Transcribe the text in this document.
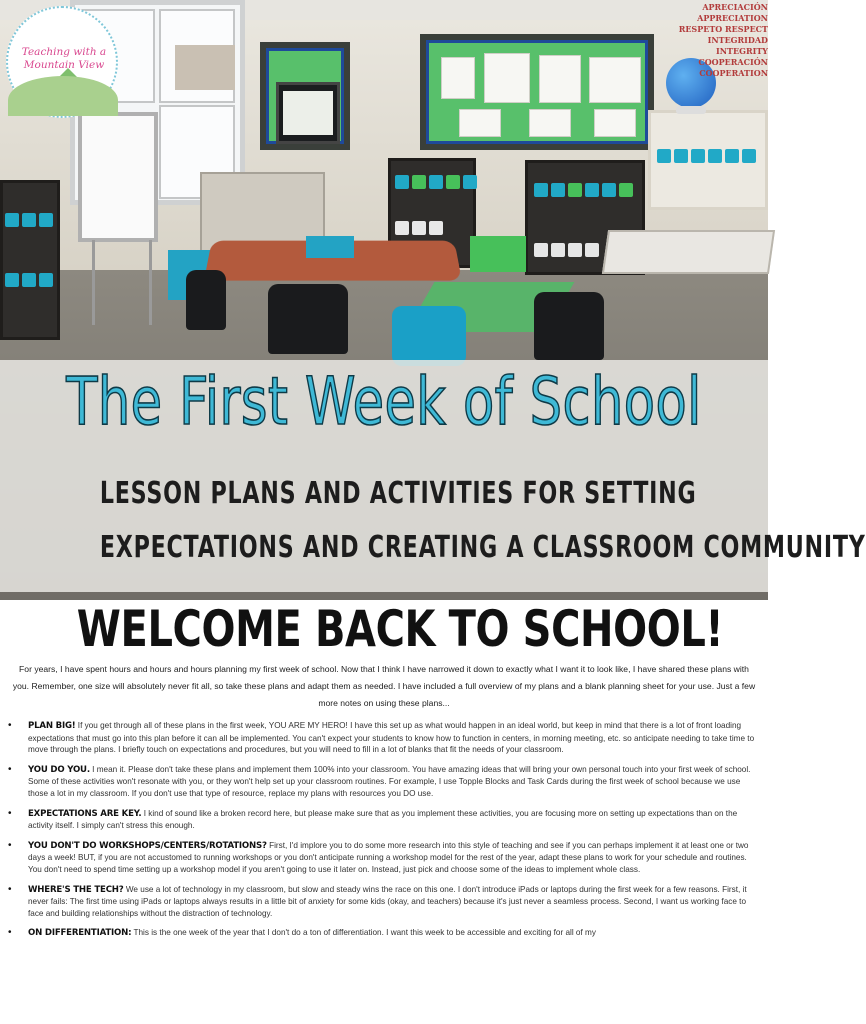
APRECIACIÓN
APPRECIATION
RESPETO RESPECT
INTEGRIDAD INTEGRITY
COOPERACIÓN
COOPERATION
Teaching with a
Mountain View
The First Week of School
LESSON PLANS AND ACTIVITIES FOR SETTING
EXPECTATIONS AND CREATING A CLASSROOM COMMUNITY
WELCOME BACK TO SCHOOL!
For years, I have spent hours and hours and hours planning my first week of school. Now that I think I have narrowed it down to exactly what I want it to look like, I have shared these plans with you. Remember, one size will absolutely never fit all, so take these plans and adapt them as needed. I have included a full overview of my plans and a blank planning sheet for your use. Just a few more notes on using these plans...
• PLAN BIG! If you get through all of these plans in the first week, YOU ARE MY HERO! I have this set up as what would happen in an ideal world, but keep in mind that there is a lot of front loading expectations that must go into this plan before it can all be implemented. You can't expect your students to know how to function in centers, in morning meeting, etc. so anticipate needing to take time to move through the plans. I briefly touch on expectations and procedures, but you will need to fill in a lot of blanks that fit the needs of your classroom.
• YOU DO YOU. I mean it. Please don't take these plans and implement them 100% into your classroom. You have amazing ideas that will bring your own personal touch into your first week of school. Some of these activities won't resonate with you, or they won't help set up your classroom routines. For example, I use Topple Blocks and Task Cards during the first week of school because we use those a lot in my classroom. If you don't use that type of resource, replace my plans with resources you DO use.
• EXPECTATIONS ARE KEY. I kind of sound like a broken record here, but please make sure that as you implement these activities, you are focusing more on setting up expectations than on the activity itself. I simply can't stress this enough.
• YOU DON'T DO WORKSHOPS/CENTERS/ROTATIONS? First, I'd implore you to do some more research into this style of teaching and see if you can perhaps implement it at least one or two days a week! BUT, if you are not accustomed to running workshops or you don't anticipate running a workshop model for the rest of the year, adapt these plans to work for your schedule and routines. You don't need to spend time setting up a workshop model if you aren't going to use it later on. Instead, just pick and choose some of the ideas to implement whole class.
• WHERE'S THE TECH? We use a lot of technology in my classroom, but slow and steady wins the race on this one. I don't introduce iPads or laptops during the first week for a few reasons. First, it never fails: The first time using iPads or laptops always results in a little bit of anxiety for some kids (okay, and teachers) because it's just never a seamless process. Second, I want us working face to face and building relationships without the distraction of technology.
• ON DIFFERENTIATION: This is the one week of the year that I don't do a ton of differentiation. I want this week to be accessible and exciting for all of my
